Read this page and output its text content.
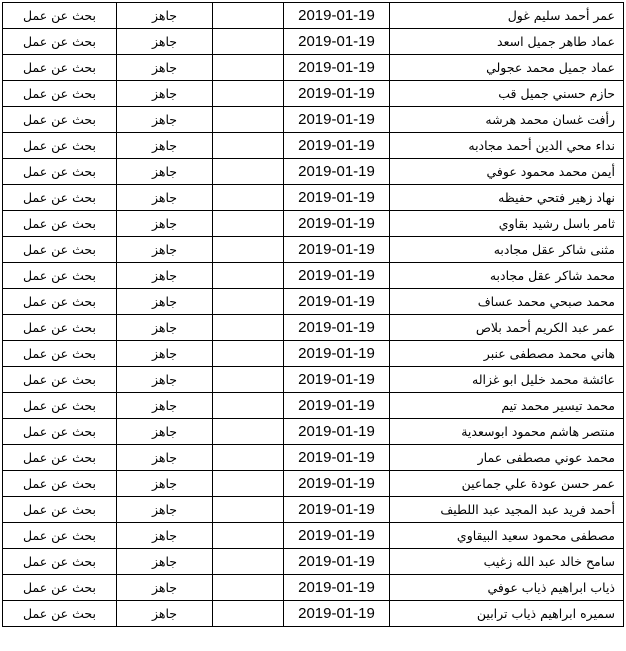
عمر أحمد سليم غول	2019-01-19		جاهز	بحث عن عمل
عماد طاهر جميل اسعد	2019-01-19		جاهز	بحث عن عمل
عماد جميل محمد عجولي	2019-01-19		جاهز	بحث عن عمل
حازم حسني جميل قب	2019-01-19		جاهز	بحث عن عمل
رأفت غسان محمد هرشه	2019-01-19		جاهز	بحث عن عمل
نداء محي الدين أحمد مجادبه	2019-01-19		جاهز	بحث عن عمل
أيمن محمد محمود عوفي	2019-01-19		جاهز	بحث عن عمل
نهاد زهير فتحي حفيظه	2019-01-19		جاهز	بحث عن عمل
ثامر باسل رشيد بقاوي	2019-01-19		جاهز	بحث عن عمل
مثنى شاكر عقل مجادبه	2019-01-19		جاهز	بحث عن عمل
محمد شاكر عقل مجادبه	2019-01-19		جاهز	بحث عن عمل
محمد صبحي محمد عساف	2019-01-19		جاهز	بحث عن عمل
عمر عبد الكريم أحمد بلاص	2019-01-19		جاهز	بحث عن عمل
هاني محمد مصطفى عنبر	2019-01-19		جاهز	بحث عن عمل
عائشة محمد خليل ابو غزاله	2019-01-19		جاهز	بحث عن عمل
محمد تيسير محمد تيم	2019-01-19		جاهز	بحث عن عمل
منتصر هاشم محمود ابوسعدية	2019-01-19		جاهز	بحث عن عمل
محمد عوني مصطفى عمار	2019-01-19		جاهز	بحث عن عمل
عمر حسن عودة علي جماعين	2019-01-19		جاهز	بحث عن عمل
أحمد فريد عبد المجيد عبد اللطيف	2019-01-19		جاهز	بحث عن عمل
مصطفى محمود سعيد البيقاوي	2019-01-19		جاهز	بحث عن عمل
سامح خالد عبد الله زغيب	2019-01-19		جاهز	بحث عن عمل
ذياب ابراهيم ذياب عوفي	2019-01-19		جاهز	بحث عن عمل
سميره ابراهيم ذياب ترابين	2019-01-19		جاهز	بحث عن عمل
